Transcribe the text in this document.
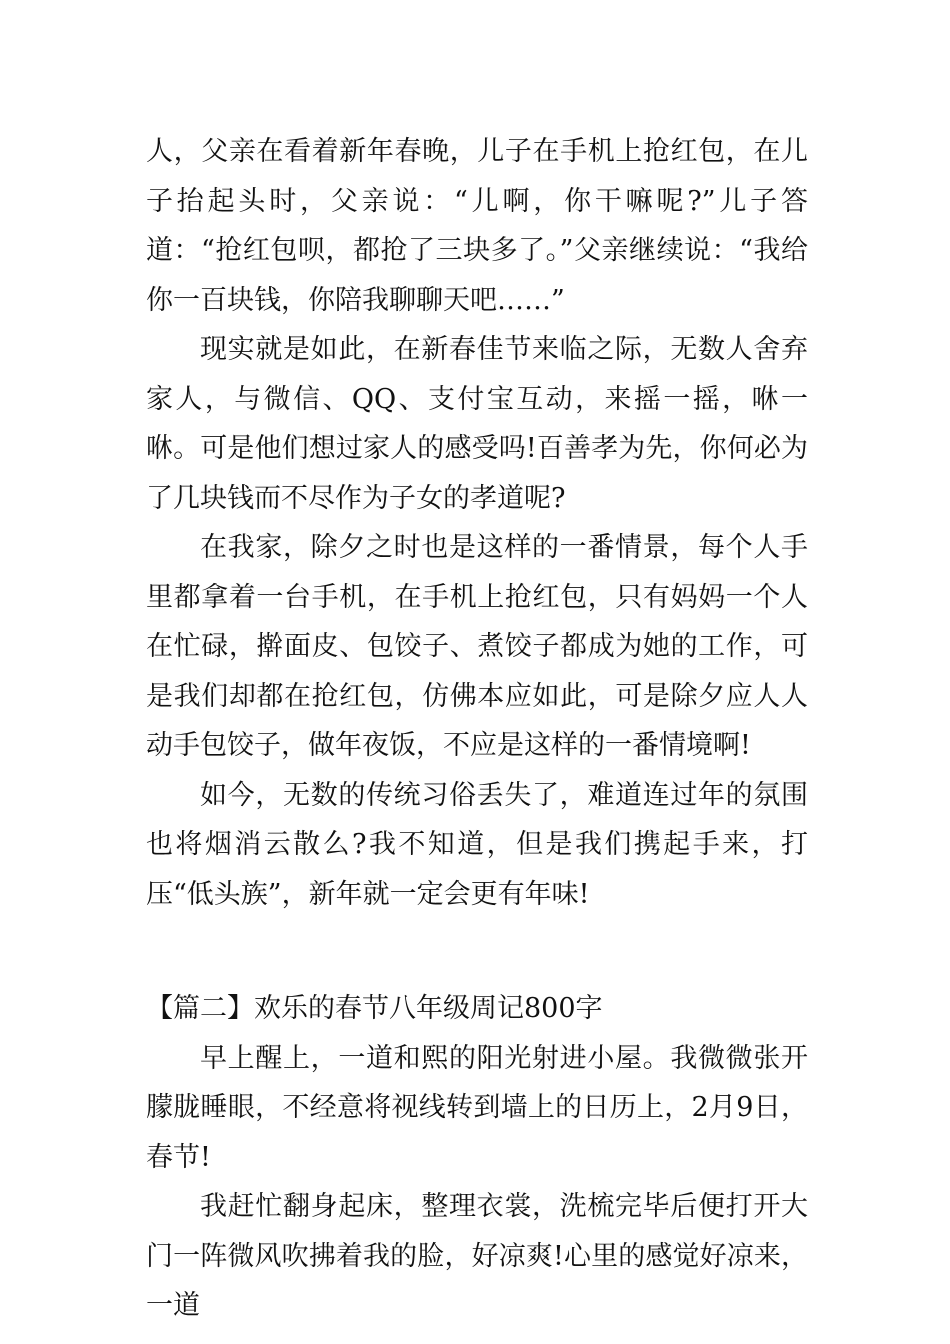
人，父亲在看着新年春晚，儿子在手机上抢红包，在儿子抬起头时，父亲说：“儿啊，你干嘛呢?”儿子答道：“抢红包呗，都抢了三块多了。”父亲继续说：“我给你一百块钱，你陪我聊聊天吧……”

现实就是如此，在新春佳节来临之际，无数人舍弃家人，与微信、QQ、支付宝互动，来摇一摇，咻一咻。可是他们想过家人的感受吗!百善孝为先，你何必为了几块钱而不尽作为子女的孝道呢?

在我家，除夕之时也是这样的一番情景，每个人手里都拿着一台手机，在手机上抢红包，只有妈妈一个人在忙碌，擀面皮、包饺子、煮饺子都成为她的工作，可是我们却都在抢红包，仿佛本应如此，可是除夕应人人动手包饺子，做年夜饭，不应是这样的一番情境啊!

如今，无数的传统习俗丢失了，难道连过年的氛围也将烟消云散么?我不知道，但是我们携起手来，打压“低头族”，新年就一定会更有年味!

【篇二】欢乐的春节八年级周记800字

早上醒上，一道和熙的阳光射进小屋。我微微张开朦胧睡眼，不经意将视线转到墙上的日历上，2月9日，春节!

我赶忙翻身起床，整理衣裳，洗梳完毕后便打开大门一阵微风吹拂着我的脸，好凉爽!心里的感觉好凉来，一道
